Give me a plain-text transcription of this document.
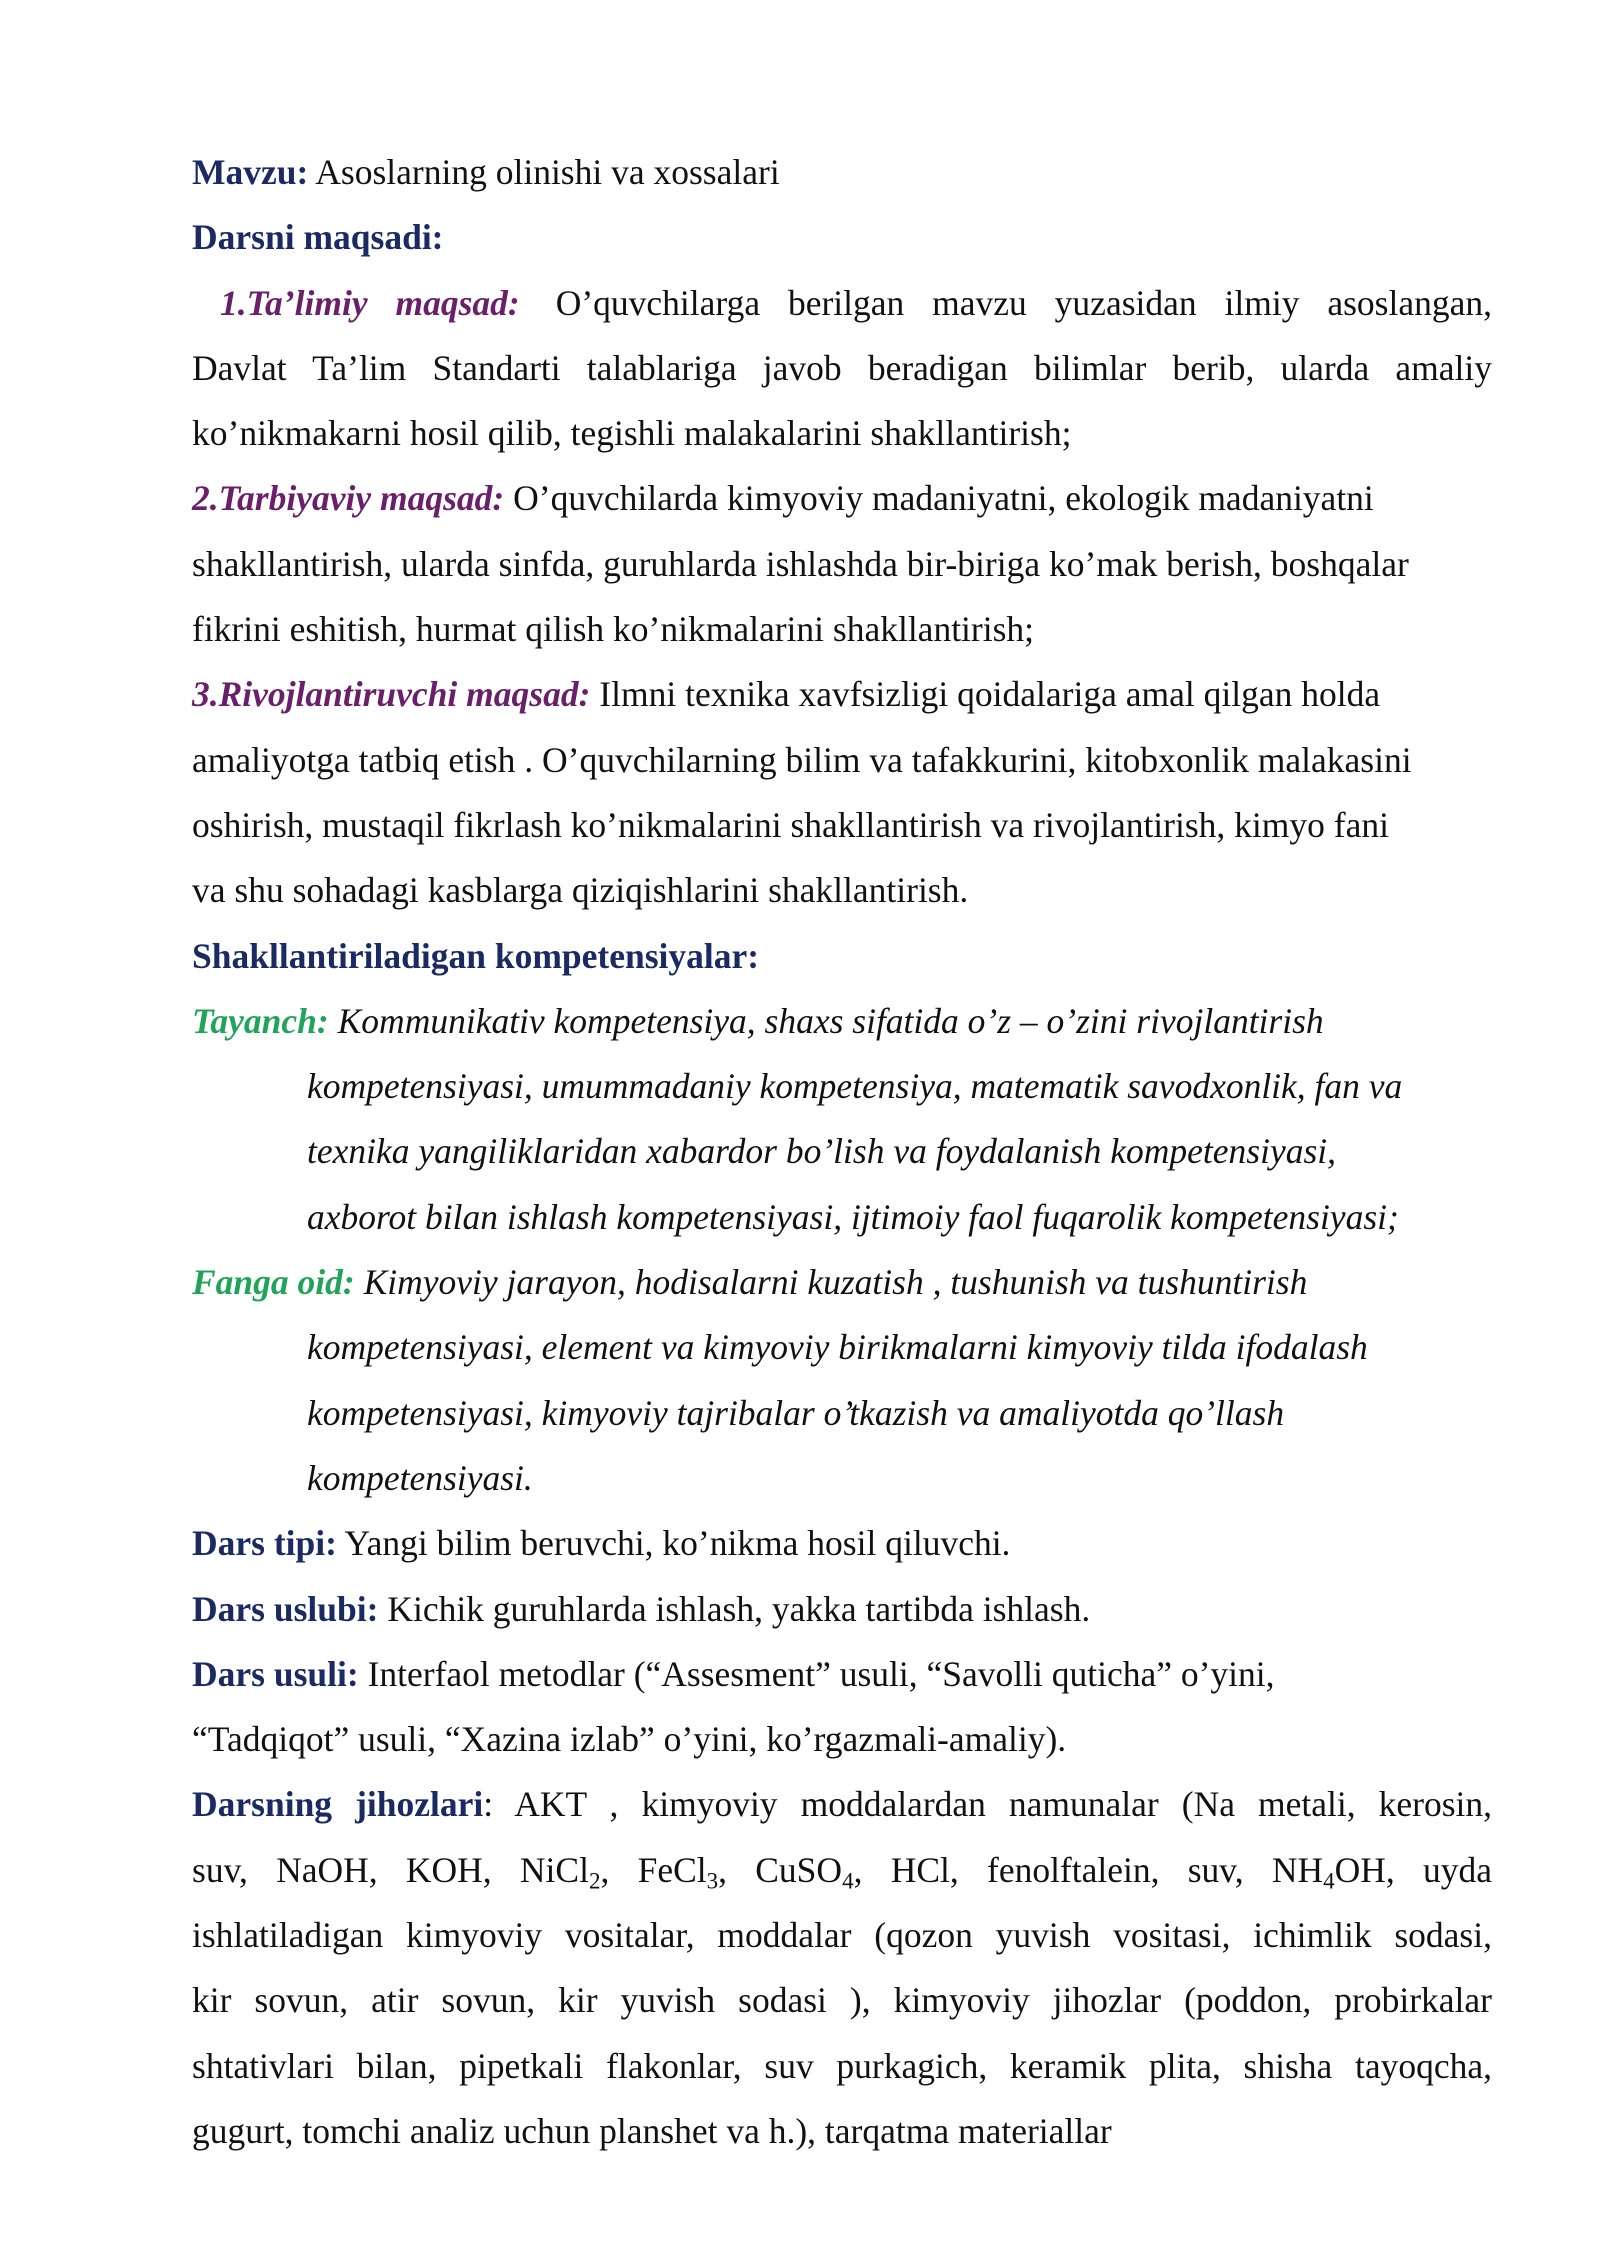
Mavzu: Asoslarning olinishi va xossalari
Darsni maqsadi:
1.Ta’limiy maqsad: O’quvchilarga berilgan mavzu yuzasidan ilmiy asoslangan,
Davlat Ta’lim Standarti talablariga javob beradigan bilimlar berib, ularda amaliy
ko’nikmakarni hosil qilib, tegishli malakalarini shakllantirish;
2.Tarbiyaviy maqsad: O’quvchilarda kimyoviy madaniyatni, ekologik madaniyatni
shakllantirish, ularda sinfda, guruhlarda ishlashda bir-biriga ko’mak berish, boshqalar
fikrini eshitish, hurmat qilish ko’nikmalarini shakllantirish;
3.Rivojlantiruvchi maqsad: Ilmni texnika xavfsizligi qoidalariga amal qilgan holda
amaliyotga tatbiq etish . O’quvchilarning bilim va tafakkurini, kitobxonlik malakasini
oshirish, mustaqil fikrlash ko’nikmalarini shakllantirish va rivojlantirish, kimyo fani
va shu sohadagi kasblarga qiziqishlarini shakllantirish.
Shakllantiriladigan kompetensiyalar:
Tayanch: Kommunikativ kompetensiya, shaxs sifatida o’z – o’zini rivojlantirish
kompetensiyasi, umummadaniy kompetensiya, matematik savodxonlik, fan va
texnika yangiliklaridan xabardor bo’lish va foydalanish kompetensiyasi,
axborot bilan ishlash kompetensiyasi, ijtimoiy faol fuqarolik kompetensiyasi;
Fanga oid: Kimyoviy jarayon, hodisalarni kuzatish , tushunish va tushuntirish
kompetensiyasi, element va kimyoviy birikmalarni kimyoviy tilda ifodalash
kompetensiyasi, kimyoviy tajribalar o’tkazish va amaliyotda qo’llash
kompetensiyasi.
Dars tipi: Yangi bilim beruvchi, ko’nikma hosil qiluvchi.
Dars uslubi: Kichik guruhlarda ishlash, yakka tartibda ishlash.
Dars usuli: Interfaol metodlar (“Assesment” usuli, “Savolli quticha” o’yini,
“Tadqiqot” usuli, “Xazina izlab” o’yini, ko’rgazmali-amaliy).
Darsning jihozlari: AKT , kimyoviy moddalardan namunalar (Na metali, kerosin,
suv, NaOH, KOH, NiCl$_2$, FeCl$_3$, CuSO$_4$, HCl, fenolftalein, suv, $NH_4OH$, uyda
ishlatiladigan kimyoviy vositalar, moddalar (qozon yuvish vositasi, ichimlik sodasi,
kir sovun, atir sovun, kir yuvish sodasi ), kimyoviy jihozlar (poddon, probirkalar
shtativlari bilan, pipetkali flakonlar, suv purkagich, keramik plita, shisha tayoqcha,
gugurt, tomchi analiz uchun planshet va h.), tarqatma materiallar
